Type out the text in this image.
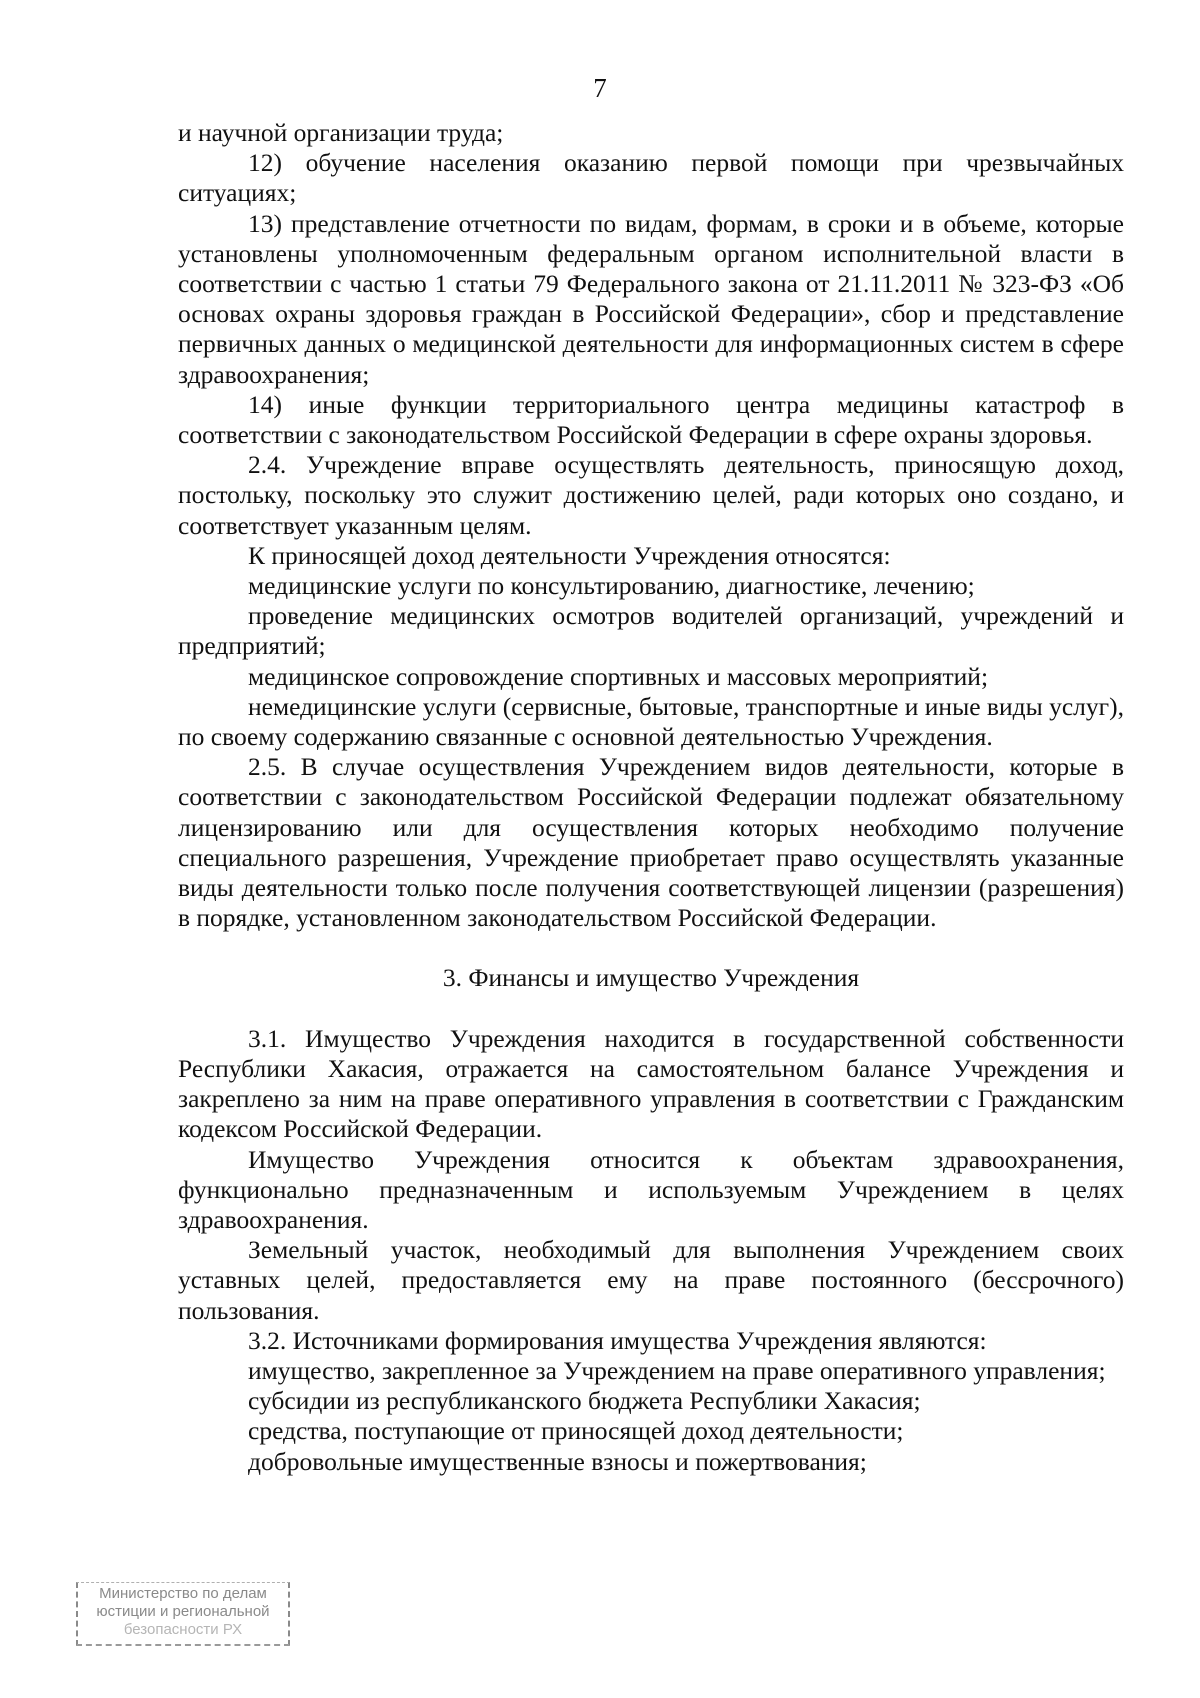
7

и научной организации труда;

12) обучение населения оказанию первой помощи при чрезвычайных ситуациях;

13) представление отчетности по видам, формам, в сроки и в объеме, которые установлены уполномоченным федеральным органом исполнительной власти в соответствии с частью 1 статьи 79 Федерального закона от 21.11.2011 № 323-ФЗ «Об основах охраны здоровья граждан в Российской Федерации», сбор и представление первичных данных о медицинской деятельности для информационных систем в сфере здравоохранения;

14) иные функции территориального центра медицины катастроф в соответствии с законодательством Российской Федерации в сфере охраны здоровья.

2.4. Учреждение вправе осуществлять деятельность, приносящую доход, постольку, поскольку это служит достижению целей, ради которых оно создано, и соответствует указанным целям.

К приносящей доход деятельности Учреждения относятся:

медицинские услуги по консультированию, диагностике, лечению;

проведение медицинских осмотров водителей организаций, учреждений и предприятий;

медицинское сопровождение спортивных и массовых мероприятий;

немедицинские услуги (сервисные, бытовые, транспортные и иные виды услуг), по своему содержанию связанные с основной деятельностью Учреждения.

2.5. В случае осуществления Учреждением видов деятельности, которые в соответствии с законодательством Российской Федерации подлежат обязательному лицензированию или для осуществления которых необходимо получение специального разрешения, Учреждение приобретает право осуществлять указанные виды деятельности только после получения соответствующей лицензии (разрешения) в порядке, установленном законодательством Российской Федерации.

3. Финансы и имущество Учреждения

3.1. Имущество Учреждения находится в государственной собственности Республики Хакасия, отражается на самостоятельном балансе Учреждения и закреплено за ним на праве оперативного управления в соответствии с Гражданским кодексом Российской Федерации.

Имущество Учреждения относится к объектам здравоохранения, функционально предназначенным и используемым Учреждением в целях здравоохранения.

Земельный участок, необходимый для выполнения Учреждением своих уставных целей, предоставляется ему на праве постоянного (бессрочного) пользования.

3.2. Источниками формирования имущества Учреждения являются:

имущество, закрепленное за Учреждением на праве оперативного управления;

субсидии из республиканского бюджета Республики Хакасия;

средства, поступающие от приносящей доход деятельности;

добровольные имущественные взносы и пожертвования;

Министерство по делам
юстиции и региональной
безопасности РХ
